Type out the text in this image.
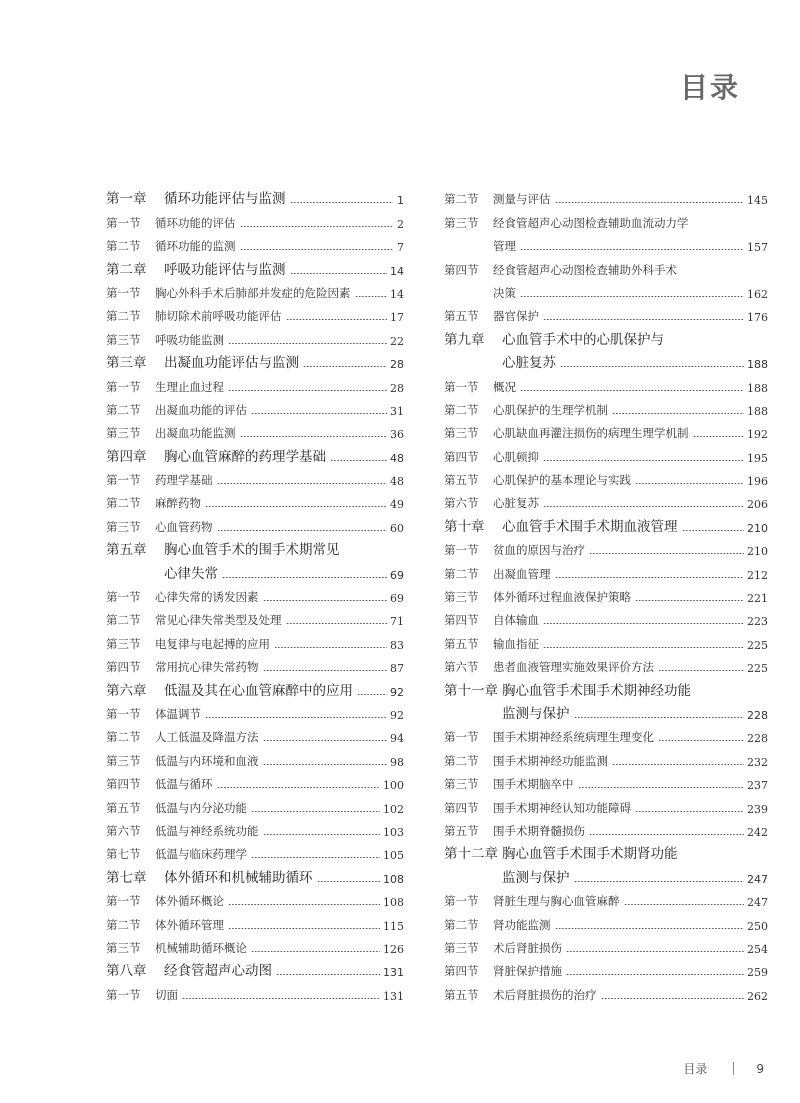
目录
第一章	循环功能评估与监测	1
第一节	循环功能的评估	2
第二节	循环功能的监测	7
第二章	呼吸功能评估与监测	14
第一节	胸心外科手术后肺部并发症的危险因素	14
第二节	肺切除术前呼吸功能评估	17
第三节	呼吸功能监测	22
第三章	出凝血功能评估与监测	28
第一节	生理止血过程	28
第二节	出凝血功能的评估	31
第三节	出凝血功能监测	36
第四章	胸心血管麻醉的药理学基础	48
第一节	药理学基础	48
第二节	麻醉药物	49
第三节	心血管药物	60
第五章	胸心血管手术的围手术期常见
心律失常	69
第一节	心律失常的诱发因素	69
第二节	常见心律失常类型及处理	71
第三节	电复律与电起搏的应用	83
第四节	常用抗心律失常药物	87
第六章	低温及其在心血管麻醉中的应用	92
第一节	体温调节	92
第二节	人工低温及降温方法	94
第三节	低温与内环境和血液	98
第四节	低温与循环	100
第五节	低温与内分泌功能	102
第六节	低温与神经系统功能	103
第七节	低温与临床药理学	105
第七章	体外循环和机械辅助循环	108
第一节	体外循环概论	108
第二节	体外循环管理	115
第三节	机械辅助循环概论	126
第八章	经食管超声心动图	131
第一节	切面	131
第二节	测量与评估	145
第三节	经食管超声心动图检查辅助血流动力学
管理	157
第四节	经食管超声心动图检查辅助外科手术
决策	162
第五节	器官保护	176
第九章	心血管手术中的心肌保护与
心脏复苏	188
第一节	概况	188
第二节	心肌保护的生理学机制	188
第三节	心肌缺血再灌注损伤的病理生理学机制	192
第四节	心肌顿抑	195
第五节	心肌保护的基本理论与实践	196
第六节	心脏复苏	206
第十章	心血管手术围手术期血液管理	210
第一节	贫血的原因与治疗	210
第二节	出凝血管理	212
第三节	体外循环过程血液保护策略	221
第四节	自体输血	223
第五节	输血指征	225
第六节	患者血液管理实施效果评价方法	225
第十一章 胸心血管手术围手术期神经功能
监测与保护	228
第一节	围手术期神经系统病理生理变化	228
第二节	围手术期神经功能监测	232
第三节	围手术期脑卒中	237
第四节	围手术期神经认知功能障碍	239
第五节	围手术期脊髓损伤	242
第十二章 胸心血管手术围手术期肾功能
监测与保护	247
第一节	肾脏生理与胸心血管麻醉	247
第二节	肾功能监测	250
第三节	术后肾脏损伤	254
第四节	肾脏保护措施	259
第五节	术后肾脏损伤的治疗	262
目录	9
